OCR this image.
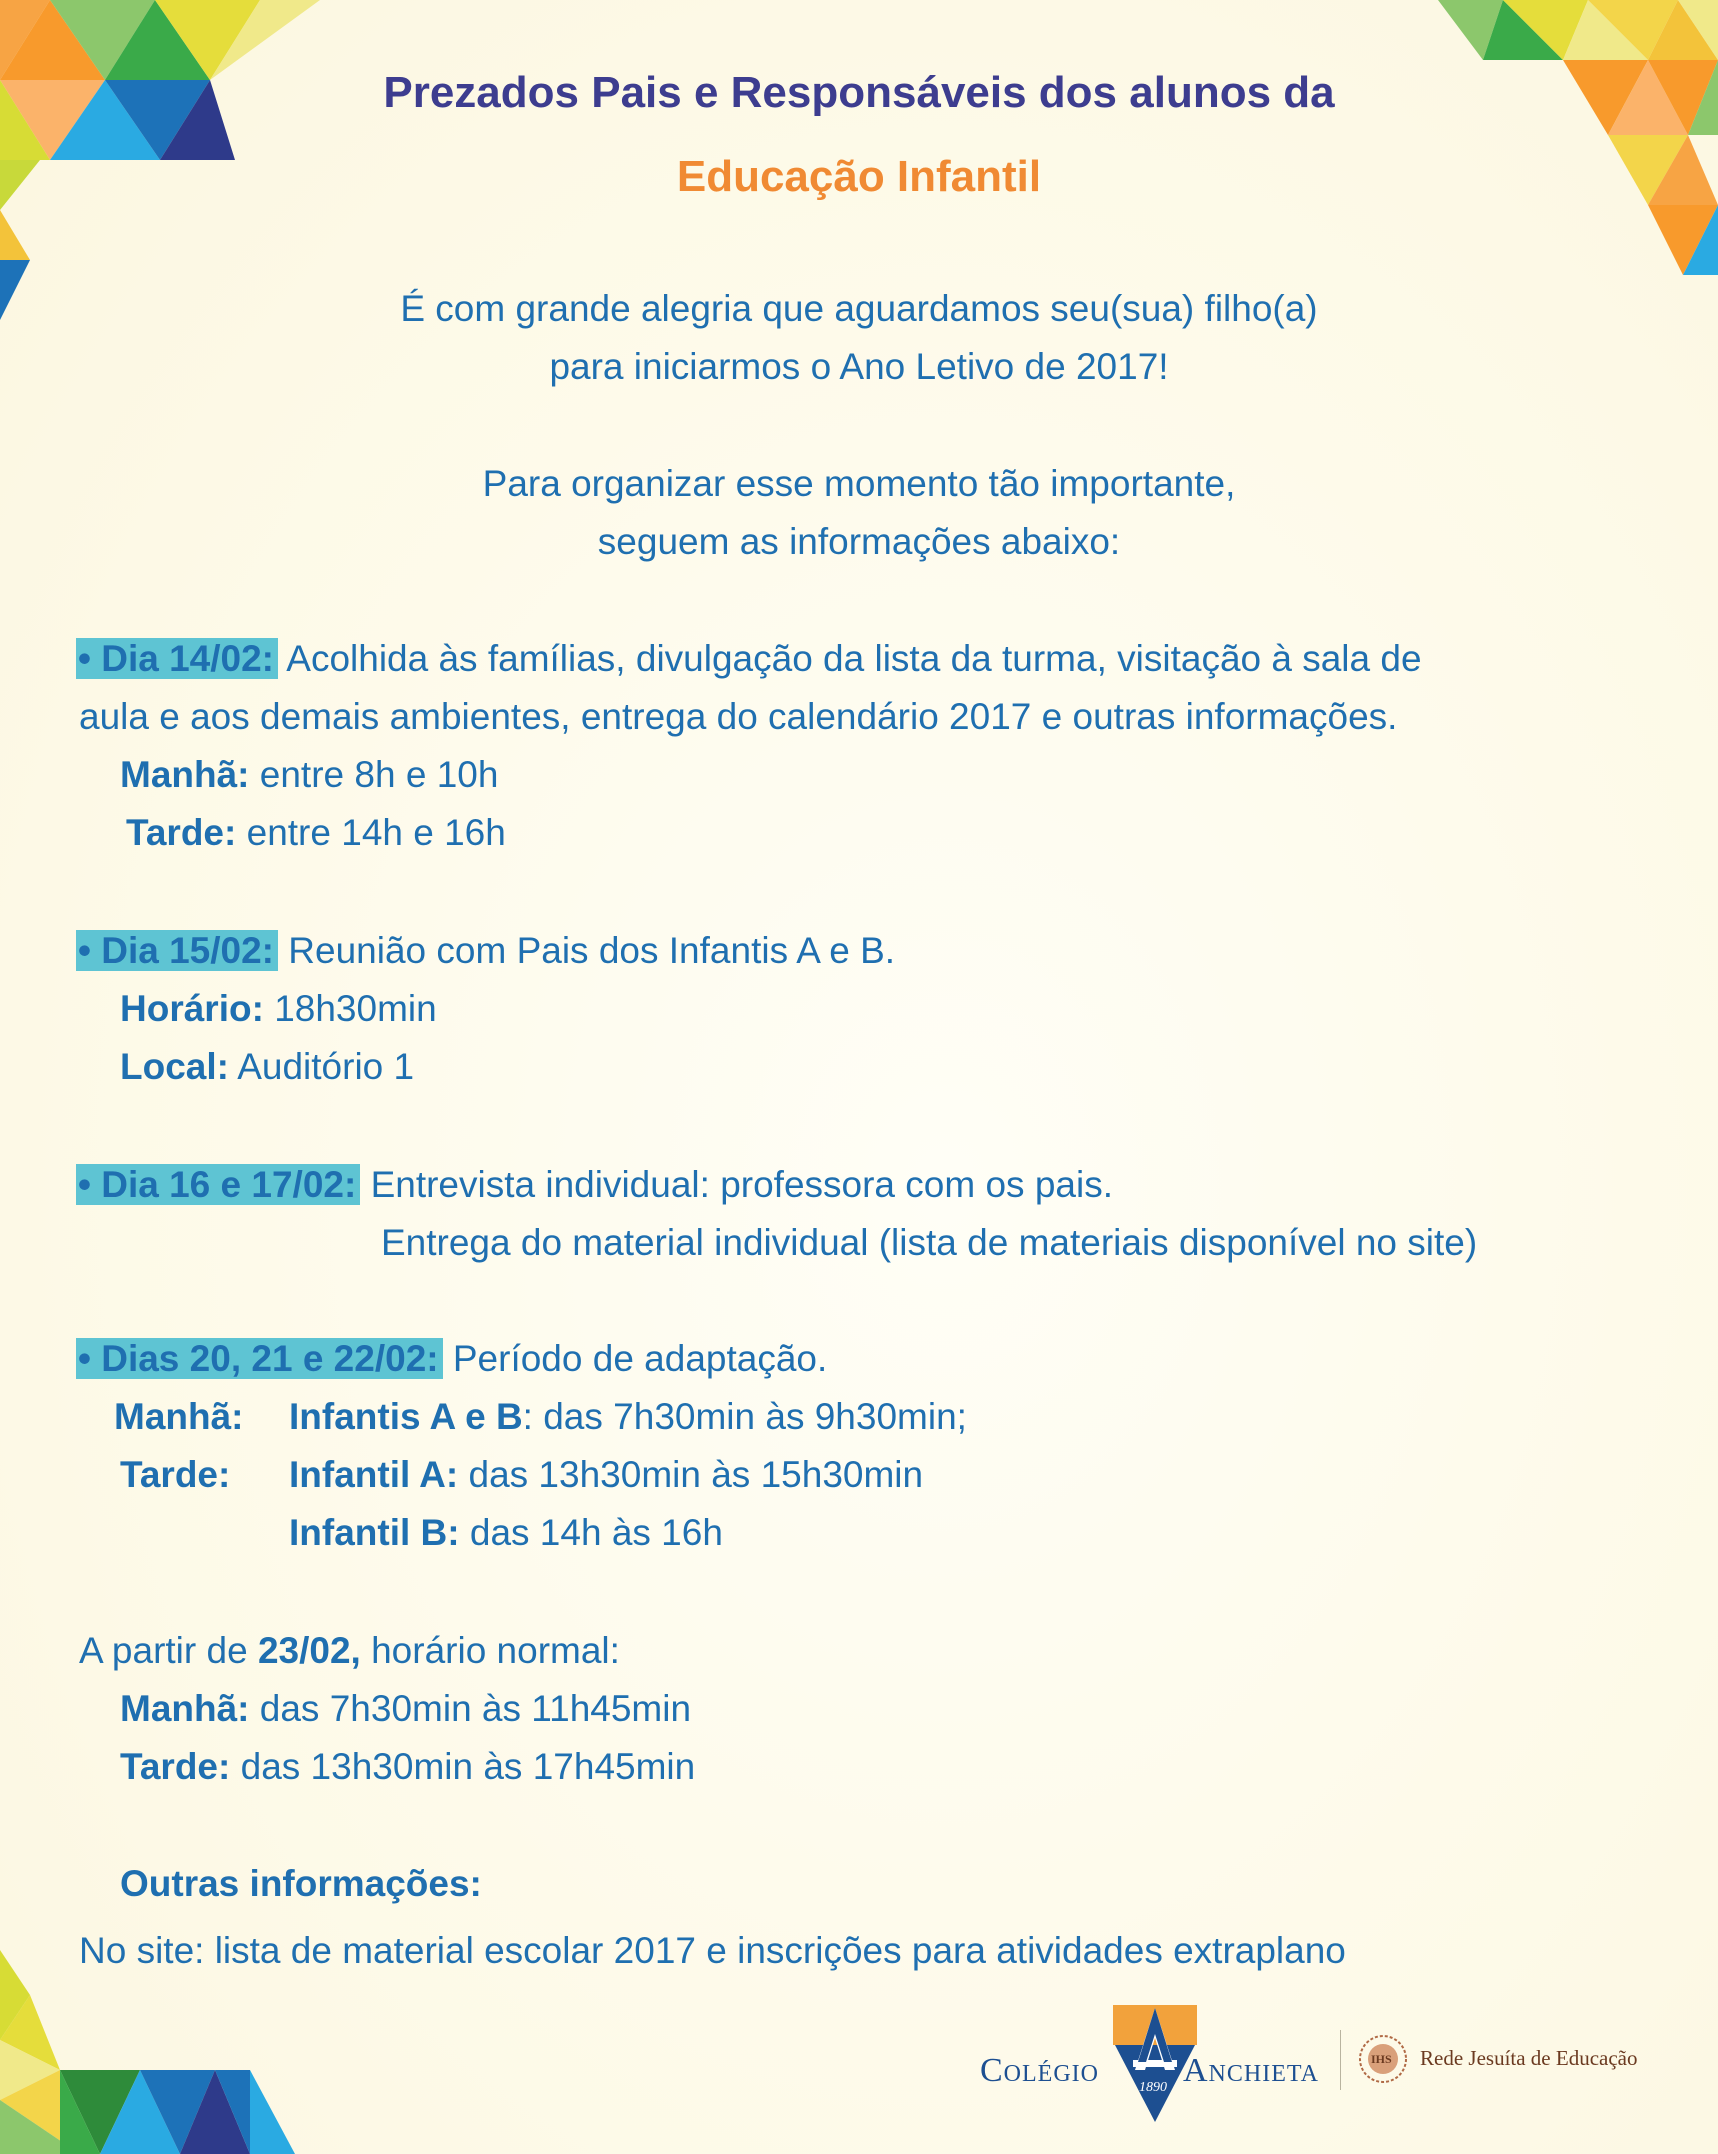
Prezados Pais e Responsáveis dos alunos da
Educação Infantil
É com grande alegria que aguardamos seu(sua) filho(a)
para iniciarmos o Ano Letivo de 2017!
Para organizar esse momento tão importante,
seguem as informações abaixo:
• Dia 14/02: Acolhida às famílias, divulgação da lista da turma, visitação à sala de
aula e aos demais ambientes, entrega do calendário 2017 e outras informações.
Manhã: entre 8h e 10h
Tarde: entre 14h e 16h
• Dia 15/02: Reunião com Pais dos Infantis A e B.
Horário: 18h30min
Local: Auditório 1
• Dia 16 e 17/02: Entrevista individual: professora com os pais.
Entrega do material individual (lista de materiais disponível no site)
• Dias 20, 21 e 22/02: Período de adaptação.
Manhã: Infantis A e B: das 7h30min às 9h30min;
Tarde: Infantil A: das 13h30min às 15h30min
Infantil B: das 14h às 16h
A partir de 23/02, horário normal:
Manhã: das 7h30min às 11h45min
Tarde: das 13h30min às 17h45min
Outras informações:
No site: lista de material escolar 2017 e inscrições para atividades extraplano
Colégio	1890 Anchieta	IHS Rede Jesuíta de Educação
